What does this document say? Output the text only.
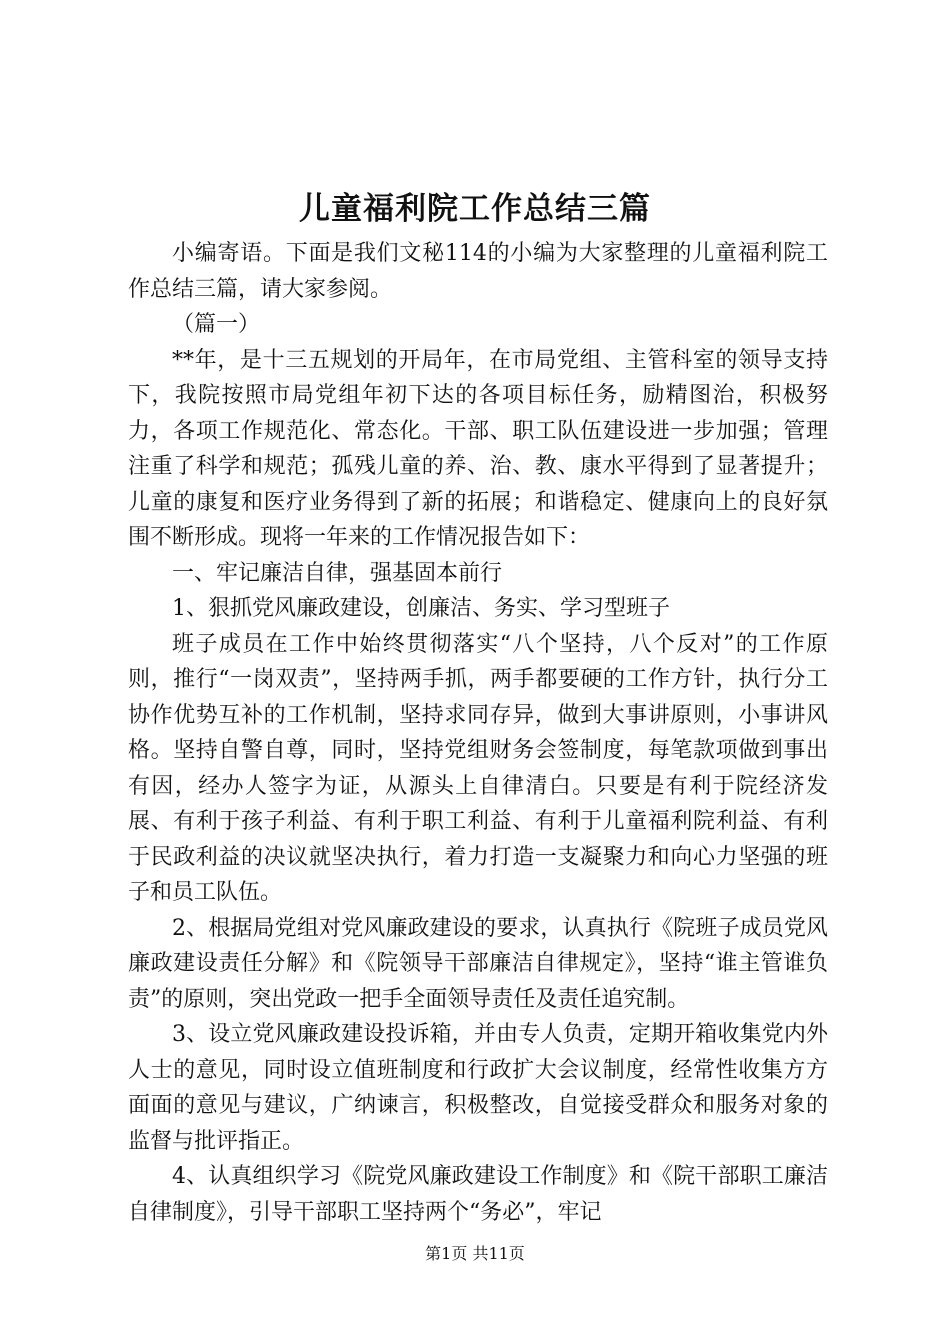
儿童福利院工作总结三篇

小编寄语。下面是我们文秘114的小编为大家整理的儿童福利院工作总结三篇，请大家参阅。

（篇一）

**年，是十三五规划的开局年，在市局党组、主管科室的领导支持下，我院按照市局党组年初下达的各项目标任务，励精图治，积极努力，各项工作规范化、常态化。干部、职工队伍建设进一步加强；管理注重了科学和规范；孤残儿童的养、治、教、康水平得到了显著提升；儿童的康复和医疗业务得到了新的拓展；和谐稳定、健康向上的良好氛围不断形成。现将一年来的工作情况报告如下：

一、牢记廉洁自律，强基固本前行

1、狠抓党风廉政建设，创廉洁、务实、学习型班子

班子成员在工作中始终贯彻落实“八个坚持，八个反对”的工作原则，推行“一岗双责”，坚持两手抓，两手都要硬的工作方针，执行分工协作优势互补的工作机制，坚持求同存异，做到大事讲原则，小事讲风格。坚持自警自尊，同时，坚持党组财务会签制度，每笔款项做到事出有因，经办人签字为证，从源头上自律清白。只要是有利于院经济发展、有利于孩子利益、有利于职工利益、有利于儿童福利院利益、有利于民政利益的决议就坚决执行，着力打造一支凝聚力和向心力坚强的班子和员工队伍。

2、根据局党组对党风廉政建设的要求，认真执行《院班子成员党风廉政建设责任分解》和《院领导干部廉洁自律规定》，坚持“谁主管谁负责”的原则，突出党政一把手全面领导责任及责任追究制。

3、设立党风廉政建设投诉箱，并由专人负责，定期开箱收集党内外人士的意见，同时设立值班制度和行政扩大会议制度，经常性收集方方面面的意见与建议，广纳谏言，积极整改，自觉接受群众和服务对象的监督与批评指正。

4、认真组织学习《院党风廉政建设工作制度》和《院干部职工廉洁自律制度》，引导干部职工坚持两个“务必”，牢记

第1页 共11页
